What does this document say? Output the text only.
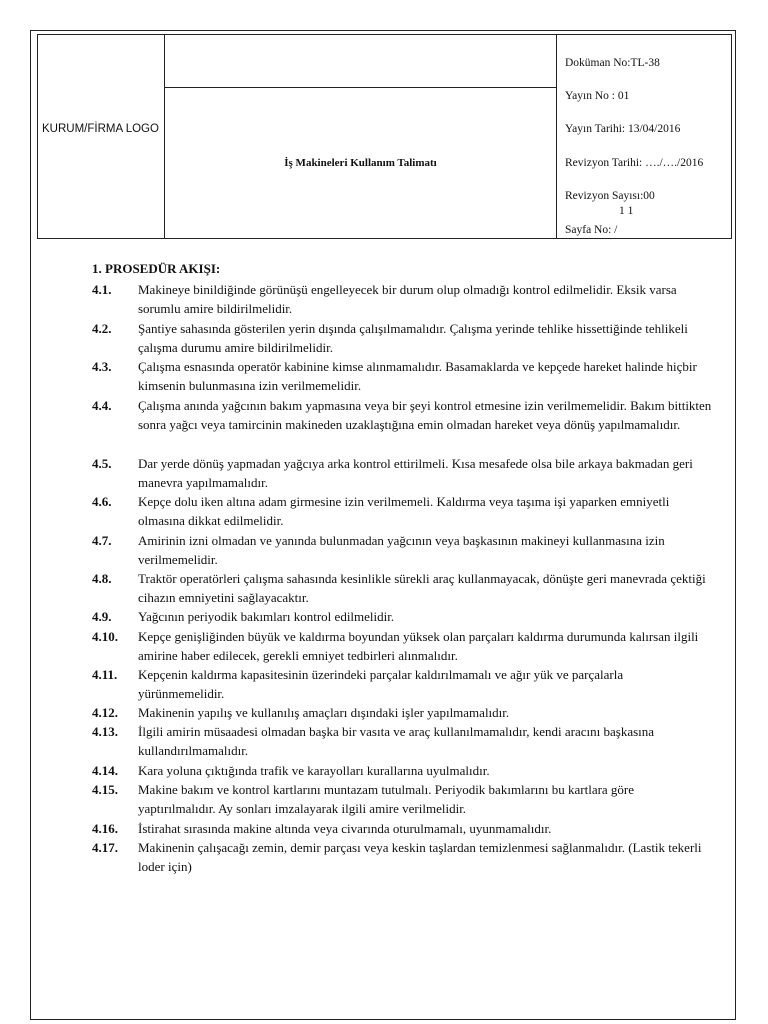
KURUM/FİRMA LOGO
İş Makineleri Kullanım Talimatı
Doküman No:TL-38
Yayın No : 01
Yayın Tarihi: 13/04/2016
Revizyon Tarihi: …./…./2016
Revizyon Sayısı:00
1 1
Sayfa No: /
1. PROSEDÜR AKIŞI:
4.1.	Makineye binildiğinde görünüşü engelleyecek bir durum olup olmadığı kontrol edilmelidir. Eksik varsa sorumlu amire bildirilmelidir.
4.2.	Şantiye sahasında gösterilen yerin dışında çalışılmamalıdır. Çalışma yerinde tehlike hissettiğinde tehlikeli çalışma durumu amire bildirilmelidir.
4.3.	Çalışma esnasında operatör kabinine kimse alınmamalıdır. Basamaklarda ve kepçede hareket halinde hiçbir kimsenin bulunmasına izin verilmemelidir.
4.4.	Çalışma anında yağcının bakım yapmasına veya bir şeyi kontrol etmesine izin verilmemelidir. Bakım bittikten sonra yağcı veya tamircinin makineden uzaklaştığına emin olmadan hareket veya dönüş yapılmamalıdır.
4.5.	Dar yerde dönüş yapmadan yağcıya arka kontrol ettirilmeli. Kısa mesafede olsa bile arkaya bakmadan geri manevra yapılmamalıdır.
4.6.	Kepçe dolu iken altına adam girmesine izin verilmemeli. Kaldırma veya taşıma işi yaparken emniyetli olmasına dikkat edilmelidir.
4.7.	Amirinin izni olmadan ve yanında bulunmadan yağcının veya başkasının makineyi kullanmasına izin verilmemelidir.
4.8.	Traktör operatörleri çalışma sahasında kesinlikle sürekli araç kullanmayacak, dönüşte geri manevrada çektiği cihazın emniyetini sağlayacaktır.
4.9.	Yağcının periyodik bakımları kontrol edilmelidir.
4.10.	Kepçe genişliğinden büyük ve kaldırma boyundan yüksek olan parçaları kaldırma durumunda kalırsan ilgili amirine haber edilecek, gerekli emniyet tedbirleri alınmalıdır.
4.11.	Kepçenin kaldırma kapasitesinin üzerindeki parçalar kaldırılmamalı ve ağır yük ve parçalarla yürünmemelidir.
4.12.	Makinenin yapılış ve kullanılış amaçları dışındaki işler yapılmamalıdır.
4.13.	İlgili amirin müsaadesi olmadan başka bir vasıta ve araç kullanılmamalıdır, kendi aracını başkasına kullandırılmamalıdır.
4.14.	Kara yoluna çıktığında trafik ve karayolları kurallarına uyulmalıdır.
4.15.	Makine bakım ve kontrol kartlarını muntazam tutulmalı. Periyodik bakımlarını bu kartlara göre yaptırılmalıdır. Ay sonları imzalayarak ilgili amire verilmelidir.
4.16.	İstirahat sırasında makine altında veya civarında oturulmamalı, uyunmamalıdır.
4.17.	Makinenin çalışacağı zemin, demir parçası veya keskin taşlardan temizlenmesi sağlanmalıdır. (Lastik tekerli loder için)
